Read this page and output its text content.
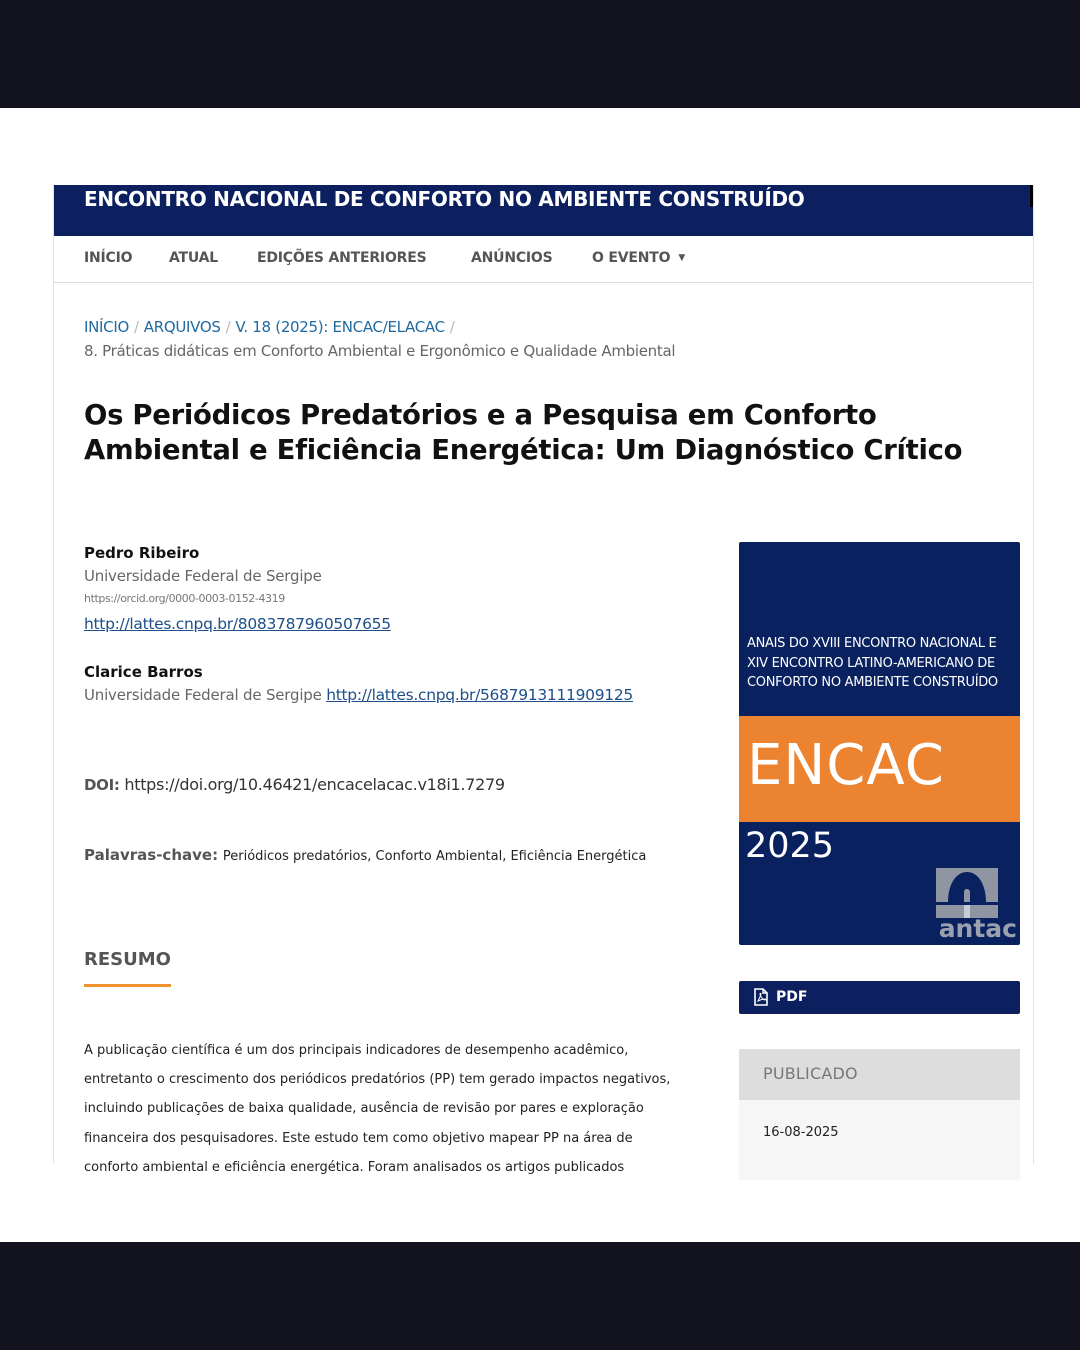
ENCONTRO NACIONAL DE CONFORTO NO AMBIENTE CONSTRUÍDO
INÍCIO	ATUAL	EDIÇÕES ANTERIORES	ANÚNCIOS	O EVENTO ▼
INÍCIO / ARQUIVOS / V. 18 (2025): ENCAC/ELACAC /
8. Práticas didáticas em Conforto Ambiental e Ergonômico e Qualidade Ambiental
Os Periódicos Predatórios e a Pesquisa em Conforto Ambiental e Eficiência Energética: Um Diagnóstico Crítico
Pedro Ribeiro
Universidade Federal de Sergipe
https://orcid.org/0000-0003-0152-4319
http://lattes.cnpq.br/8083787960507655
Clarice Barros
Universidade Federal de Sergipe http://lattes.cnpq.br/5687913111909125
DOI: https://doi.org/10.46421/encacelacac.v18i1.7279
Palavras-chave: Periódicos predatórios, Conforto Ambiental, Eficiência Energética
RESUMO

A publicação científica é um dos principais indicadores de desempenho acadêmico, entretanto o crescimento dos periódicos predatórios (PP) tem gerado impactos negativos, incluindo publicações de baixa qualidade, ausência de revisão por pares e exploração financeira dos pesquisadores. Este estudo tem como objetivo mapear PP na área de conforto ambiental e eficiência energética. Foram analisados os artigos publicados

ANAIS DO XVIII ENCONTRO NACIONAL E XIV ENCONTRO LATINO-AMERICANO DE CONFORTO NO AMBIENTE CONSTRUÍDO
ENCAC
2025
antac
PDF
PUBLICADO
16-08-2025
